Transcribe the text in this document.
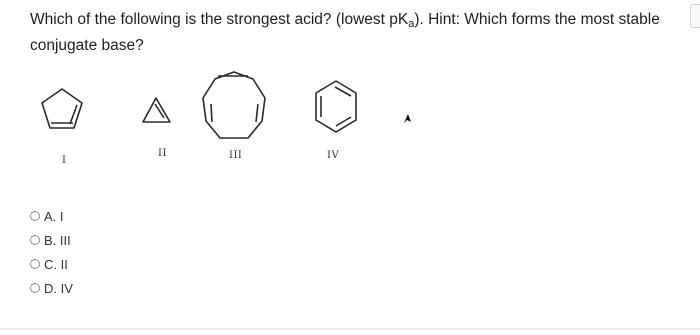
Which of the following is the strongest acid? (lowest $pK_a$). Hint: Which forms the most stable conjugate base?
I
II	III	IV
A. I
B. III
C. II
D. IV
